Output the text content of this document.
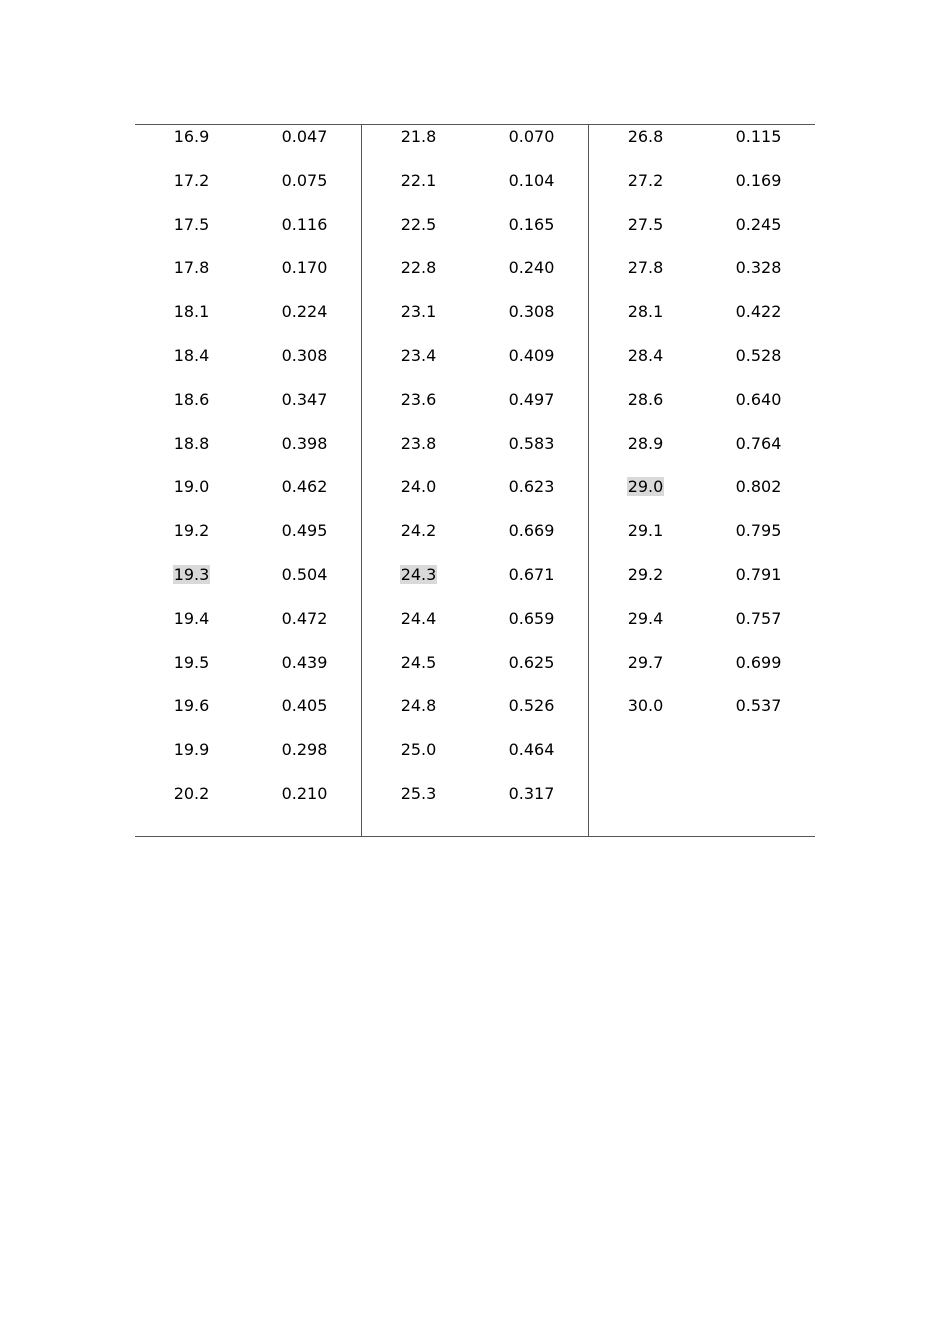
16.9	0.047
17.2	0.075
17.5	0.116
17.8	0.170
18.1	0.224
18.4	0.308
18.6	0.347
18.8	0.398
19.0	0.462
19.2	0.495
19.3	0.504
19.4	0.472
19.5	0.439
19.6	0.405
19.9	0.298
20.2	0.210
21.8	0.070
22.1	0.104
22.5	0.165
22.8	0.240
23.1	0.308
23.4	0.409
23.6	0.497
23.8	0.583
24.0	0.623
24.2	0.669
24.3	0.671
24.4	0.659
24.5	0.625
24.8	0.526
25.0	0.464
25.3	0.317
26.8	0.115
27.2	0.169
27.5	0.245
27.8	0.328
28.1	0.422
28.4	0.528
28.6	0.640
28.9	0.764
29.0	0.802
29.1	0.795
29.2	0.791
29.4	0.757
29.7	0.699
30.0	0.537
